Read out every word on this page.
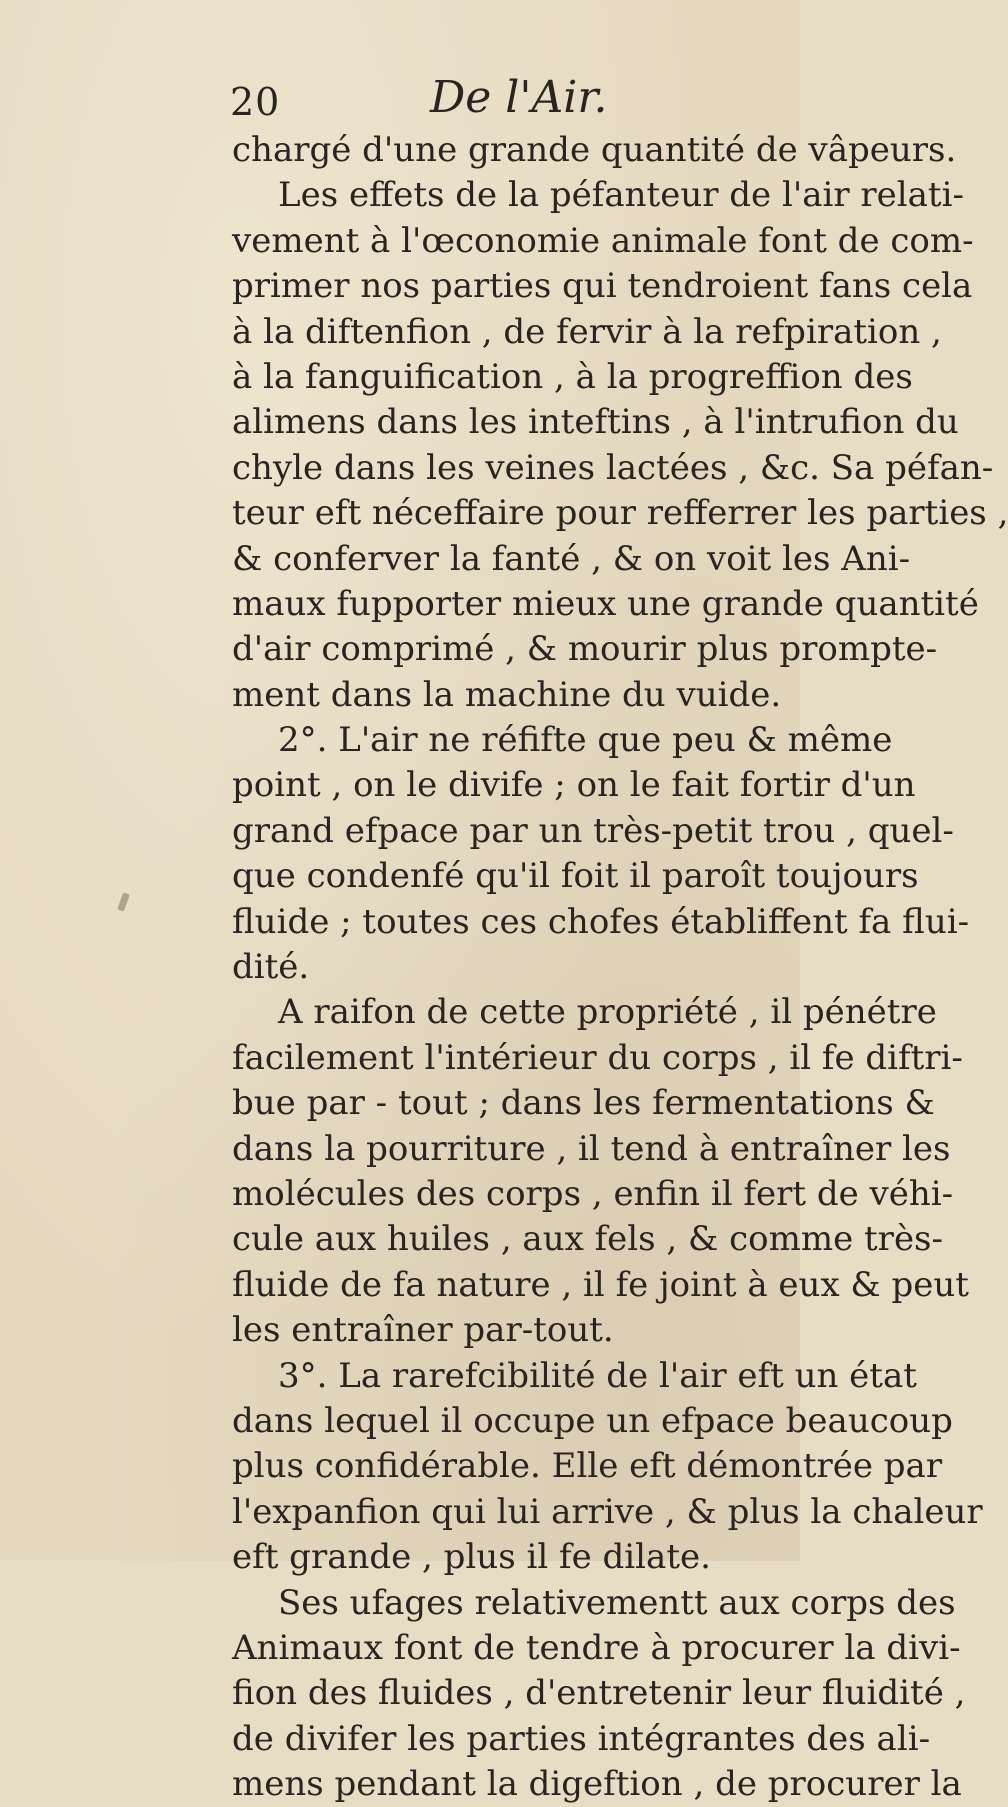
20	De l'Air.
chargé d'une grande quantité de vâpeurs.
Les effets de la péfanteur de l'air relati-
vement à l'œconomie animale font de com-
primer nos parties qui tendroient fans cela
à la diftenfion , de fervir à la refpiration ,
à la fanguification , à la progreffion des
alimens dans les inteftins , à l'intrufion du
chyle dans les veines lactées , &c. Sa péfan-
teur eft néceffaire pour refferrer les parties ,
& conferver la fanté , & on voit les Ani-
maux fupporter mieux une grande quantité
d'air comprimé , & mourir plus prompte-
ment dans la machine du vuide.
2°. L'air ne réfifte que peu & même
point , on le divife ; on le fait fortir d'un
grand efpace par un très-petit trou , quel-
que condenfé qu'il foit il paroît toujours
fluide ; toutes ces chofes établiffent fa flui-
dité.
A raifon de cette propriété , il pénétre
facilement l'intérieur du corps , il fe diftri-
bue par - tout ; dans les fermentations &
dans la pourriture , il tend à entraîner les
molécules des corps , enfin il fert de véhi-
cule aux huiles , aux fels , & comme très-
fluide de fa nature , il fe joint à eux & peut
les entraîner par-tout.
3°. La rarefcibilité de l'air eft un état
dans lequel il occupe un efpace beaucoup
plus confidérable. Elle eft démontrée par
l'expanfion qui lui arrive , & plus la chaleur
eft grande , plus il fe dilate.
Ses ufages relativementt aux corps des
Animaux font de tendre à procurer la divi-
fion des fluides , d'entretenir leur fluidité ,
de divifer les parties intégrantes des ali-
mens pendant la digeftion , de procurer la
